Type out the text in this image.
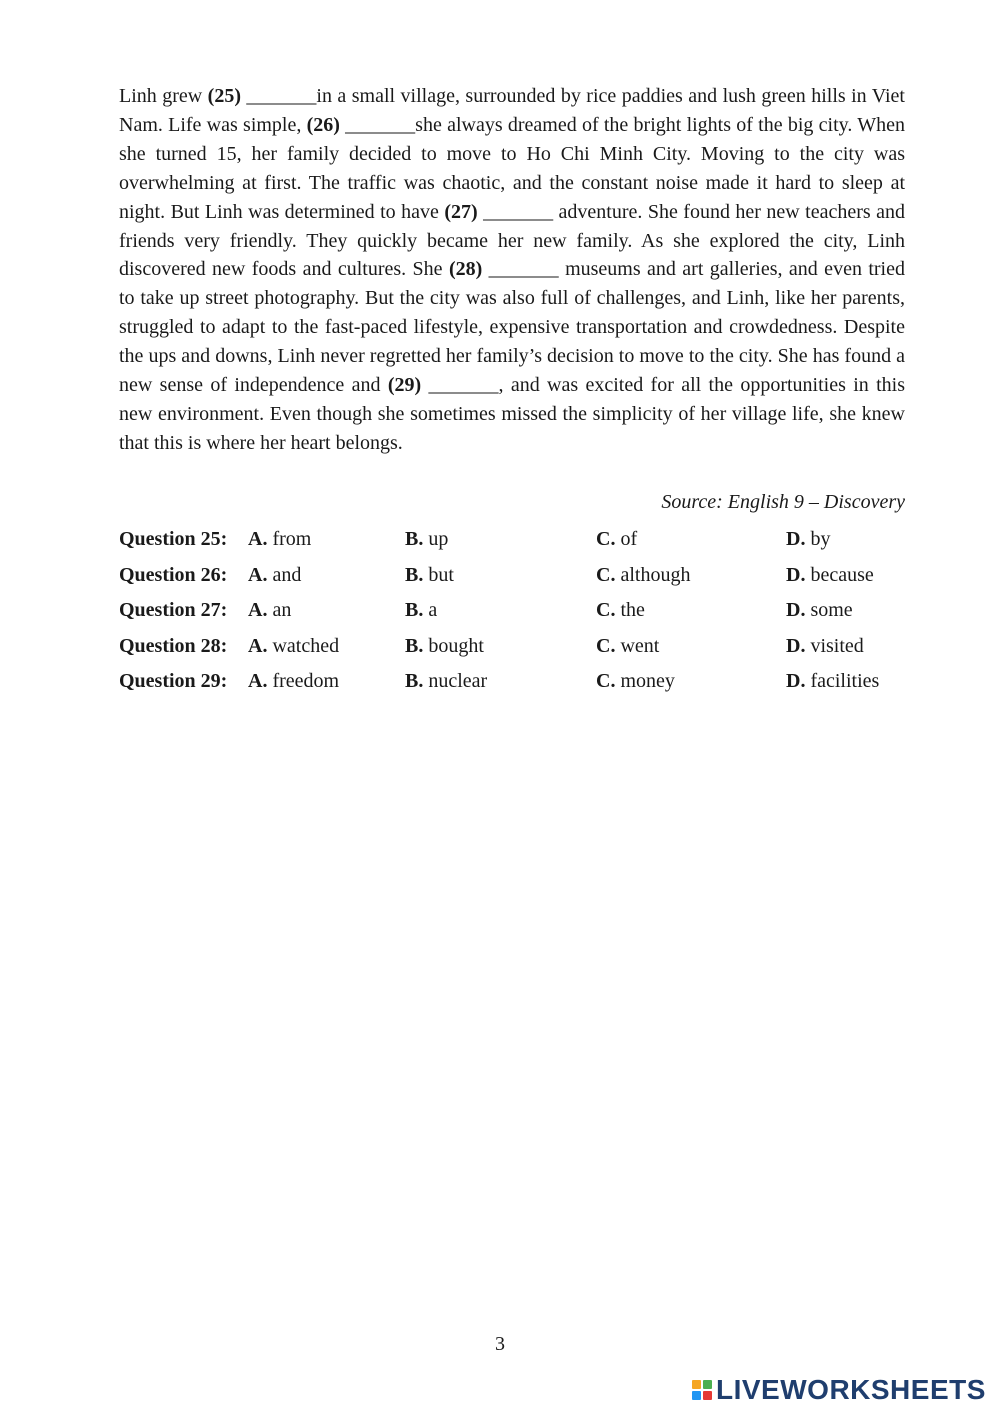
Linh grew (25) _______in a small village, surrounded by rice paddies and lush green hills in Viet Nam. Life was simple, (26) _______she always dreamed of the bright lights of the big city. When she turned 15, her family decided to move to Ho Chi Minh City. Moving to the city was overwhelming at first. The traffic was chaotic, and the constant noise made it hard to sleep at night. But Linh was determined to have (27) _______ adventure. She found her new teachers and friends very friendly. They quickly became her new family. As she explored the city, Linh discovered new foods and cultures. She (28) _______ museums and art galleries, and even tried to take up street photography. But the city was also full of challenges, and Linh, like her parents, struggled to adapt to the fast-paced lifestyle, expensive transportation and crowdedness. Despite the ups and downs, Linh never regretted her family’s decision to move to the city. She has found a new sense of independence and (29) _______, and was excited for all the opportunities in this new environment. Even though she sometimes missed the simplicity of her village life, she knew that this is where her heart belongs.
Source: English 9 – Discovery
Question 25: A. from	B. up	C. of	D. by
Question 26: A. and	B. but	C. although	D. because
Question 27: A. an	B. a	C. the	D. some
Question 28: A. watched	B. bought	C. went	D. visited
Question 29: A. freedom	B. nuclear	C. money	D. facilities
3
LIVEWORKSHEETS
